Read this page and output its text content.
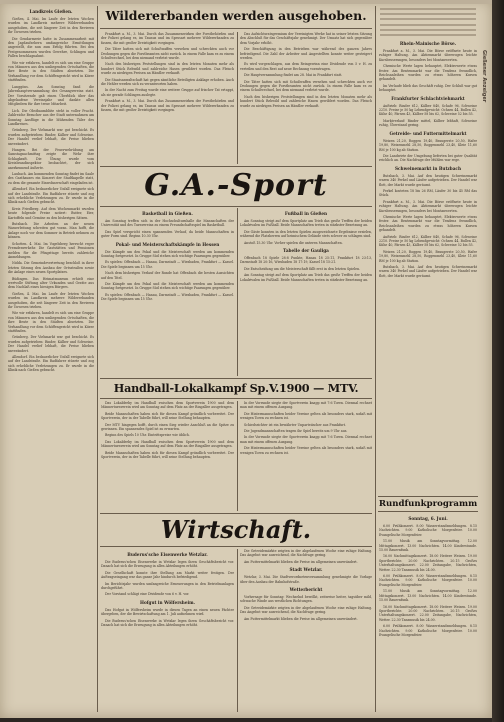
Landkreis Gießen.

Gießen, 4. Mai. Im Laufe der letzten Wochen wurden im Landkreis mehrere Wildererbanden ausgehoben, die seit längerer Zeit in den Revieren ihr Unwesen trieben.

Die Gendarmerie hatte in Zusammenarbeit mit den Jagdaufsehern umfangreiche Ermittlungen angestellt, die nun zum Erfolg führten. Bei den Festgenommenen wurden Gewehre, Schlingen und Fallen beschlagnahmt.

Wie wir erfahren, handelt es sich um eine Gruppe von Männern aus den umliegenden Ortschaften, die ihre Beute in den Städten absetzten. Die Verhandlung vor dem Schöffengericht wird in Kürze stattfinden.

Langgöns. Am Sonntag fand die Jahreshauptversammlung des Gesangvereins statt. Der Vorsitzende gab einen Überblick über das abgelaufene Vereinsjahr und dankte allen Mitgliedern für ihre treue Mitarbeit.

Lich. Die Obstbaumblüte steht in voller Pracht. Zahlreiche Besucher aus der Stadt unternahmen am Sonntag Ausflüge in die blühenden Täler des Landkreises.

Grünberg. Der Viehmarkt war gut beschickt. Es wurden aufgetrieben: Rinder, Kälber und Schweine. Der Handel verlief lebhaft, die Preise blieben unverändert.

Hungen. Bei der Feuerwehrübung am Samstagnachmittag zeigte die Wehr ihre Schlagkraft. Die Übung wurde vom Kreisbrandinspektor beobachtet, der sich anerkennend äußerte.

Laubach. Am kommenden Sonntag findet im Saale des Gasthauses ein Konzert der Stadtkapelle statt, zu dem die gesamte Einwohnerschaft eingeladen ist.

Allendorf. Ein bedauerlicher Unfall ereignete sich auf der Landstraße. Ein Radfahrer stürzte und zog sich erhebliche Verletzungen zu. Er wurde in die Klinik nach Gießen gebracht.

Kreis Friedberg. Auf dem Wochenmarkt wurden heute folgende Preise notiert: Butter, Eier, Kartoffeln und Gemüse zu den bisherigen Sätzen.

Butzbach. Die Arbeiten an der neuen Wasserleitung schreiten gut voran. Man hofft, die Anlage noch vor dem Sommer in Betrieb nehmen zu können.

Schotten. 4. Mai. Im Vogelsberg herrscht reger Fremdenverkehr. Die Gaststätten und Pensionen melden für die Pfingsttage bereits zahlreiche Anmeldungen.

Nidda. Die Gemeindevertretung beschloß in ihrer letzten Sitzung den Ausbau der Ortsstraßen sowie die Anlage eines neuen Sportplatzes.

Büdingen. Das Heimatmuseum erhielt eine wertvolle Stiftung alter Urkunden und Geräte aus dem Nachlaß eines hiesigen Bürgers.

Gießen, 4. Mai. Im Laufe der letzten Wochen wurden im Landkreis mehrere Wildererbanden ausgehoben, die seit längerer Zeit in den Revieren ihr Unwesen trieben.

Wie wir erfahren, handelt es sich um eine Gruppe von Männern aus den umliegenden Ortschaften, die ihre Beute in den Städten absetzten. Die Verhandlung vor dem Schöffengericht wird in Kürze stattfinden.

Grünberg. Der Viehmarkt war gut beschickt. Es wurden aufgetrieben: Rinder, Kälber und Schweine. Der Handel verlief lebhaft, die Preise blieben unverändert.

Allendorf. Ein bedauerlicher Unfall ereignete sich auf der Landstraße. Ein Radfahrer stürzte und zog sich erhebliche Verletzungen zu. Er wurde in die Klinik nach Gießen gebracht.

Wildererbanden werden ausgehoben.

Frankfurt a. M., 3. Mai. Durch das Zusammenwirken der Forstbehörden und der Polizei gelang es, im Taunus und im Spessart mehrere Wildererbanden zu fassen, die mit großer Dreistigkeit vorgingen.

Die Täter hatten sich mit Schußwaffen versehen und schreckten auch vor Drohungen gegen die Forstbeamten nicht zurück. In einem Falle kam es zu einem Schußwechsel, bei dem niemand verletzt wurde.

Nach den bisherigen Feststellungen sind in den letzten Monaten mehr als hundert Stück Rehwild und zahlreiche Hasen gewildert worden. Das Fleisch wurde zu niedrigen Preisen an Händler verkauft.

Die Staatsanwaltschaft hat gegen sämtliche Beteiligten Anklage erhoben. Auch die Hehler werden sich zu verantworten haben.

In der Nacht zum Freitag wurde eine weitere Gruppe auf frischer Tat ertappt, als sie gerade Schlingen auslegte.

Frankfurt a. M., 3. Mai. Durch das Zusammenwirken der Forstbehörden und der Polizei gelang es, im Taunus und im Spessart mehrere Wildererbanden zu fassen, die mit großer Dreistigkeit vorgingen.

Das Aufsichtsratsgremium der Vereinigten Werke hat in seiner letzten Sitzung den Abschluß für das Geschäftsjahr genehmigt. Der Umsatz hat sich gegenüber dem Vorjahr erhöht.

Die Beschäftigung in den Betrieben war während des ganzen Jahres befriedigend. Die Zahl der Arbeiter und Angestellten konnte weiter gesteigert werden.

Es wird vorgeschlagen, aus dem Reingewinn eine Dividende von 5 v. H. zu verteilen und den Rest auf neue Rechnung vorzutragen.

Die Hauptversammlung findet am 28. Mai in Frankfurt statt.

Die Täter hatten sich mit Schußwaffen versehen und schreckten auch vor Drohungen gegen die Forstbeamten nicht zurück. In einem Falle kam es zu einem Schußwechsel, bei dem niemand verletzt wurde.

Nach den bisherigen Feststellungen sind in den letzten Monaten mehr als hundert Stück Rehwild und zahlreiche Hasen gewildert worden. Das Fleisch wurde zu niedrigen Preisen an Händler verkauft.

G.A.-Sport
Basketball in Gießen.

Am Sonntag treffen sich in der Hochschulturnhalle die Mannschaften der Universität und des Turnvereins zu einem Freundschaftsspiel im Basketball.

Das Spiel verspricht einen spannenden Verlauf, da beide Mannschaften in guter Form sind. Beginn 10.30 Uhr.

Pokal- und Meisterschaftskämpfe in Hessen

Die Kämpfe um den Pokal und die Meisterschaft werden am kommenden Sonntag fortgesetzt. In Gruppe Süd stehen sich wichtige Paarungen gegenüber.

Es spielen: Offenbach — Hanau, Darmstadt — Wiesbaden, Frankfurt — Kassel. Die Spiele beginnen um 15 Uhr.

Nach dem bisherigen Verlauf der Runde hat Offenbach die besten Aussichten auf den Titel.

Die Kämpfe um den Pokal und die Meisterschaft werden am kommenden Sonntag fortgesetzt. In Gruppe Süd stehen sich wichtige Paarungen gegenüber.

Es spielen: Offenbach — Hanau, Darmstadt — Wiesbaden, Frankfurt — Kassel. Die Spiele beginnen um 15 Uhr.

Fußball in Gießen

Am Sonntag steigt auf dem Sportplatz am Trieb das große Treffen der beiden Lokalrivalen im Fußball. Beide Mannschaften treten in stärkster Besetzung an.

Die Gäste konnten in den letzten Spielen ausgezeichnete Ergebnisse erzielen, während die Platzherren auf heimischem Gelände stets schwer zu schlagen sind.

Anstoß 15.30 Uhr. Vorher spielen die unteren Mannschaften.

Tabelle der Gauliga

Offenbach 18 Spiele 28:8 Punkte, Hanau 18 25:11, Frankfurt 18 23:13, Darmstadt 18 20:16, Wiesbaden 18 17:19, Kassel 18 15:21.

Die Entscheidung um die Meisterschaft fällt erst in den letzten Spielen.

Am Sonntag steigt auf dem Sportplatz am Trieb das große Treffen der beiden Lokalrivalen im Fußball. Beide Mannschaften treten in stärkster Besetzung an.

Handball-Lokalkampf Sp.V.1900 — MTV.

Das Lokalderby im Handball zwischen dem Sportverein 1900 und dem Männerturnverein wird am Sonntag auf dem Platz an der Ringallee ausgetragen.

Beide Mannschaften haben sich für diesen Kampf gründlich vorbereitet. Der Sportverein, der in der Tabelle führt, will seine Stellung behaupten.

Der MTV hingegen hofft, durch einen Sieg wieder Anschluß an die Spitze zu gewinnen. Ein spannendes Spiel ist zu erwarten.

Beginn des Spiels 10 Uhr. Eintrittspreise wie üblich.

Das Lokalderby im Handball zwischen dem Sportverein 1900 und dem Männerturnverein wird am Sonntag auf dem Platz an der Ringallee ausgetragen.

Beide Mannschaften haben sich für diesen Kampf gründlich vorbereitet. Der Sportverein, der in der Tabelle führt, will seine Stellung behaupten.

In der Vorrunde siegte der Sportverein knapp mit 7:6 Toren. Diesmal rechnet man mit einem offenen Ausgang.

Die Hintermannschaften beider Vereine gelten als besonders stark, sodaß mit wenigen Toren zu rechnen ist.

Schiedsrichter ist ein bewährter Unparteiischer aus Frankfurt.

Die Jugendmannschaften tragen ihr Spiel bereits um 9 Uhr aus.

In der Vorrunde siegte der Sportverein knapp mit 7:6 Toren. Diesmal rechnet man mit einem offenen Ausgang.

Die Hintermannschaften beider Vereine gelten als besonders stark, sodaß mit wenigen Toren zu rechnen ist.

Wirtschaft.
Buderus'sche Eisenwerke Wetzlar.

Die Buderus'schen Eisenwerke in Wetzlar legen ihren Geschäftsbericht vor. Danach hat sich die Erzeugung in allen Abteilungen erhöht.

Die Gesellschaft konnte ihre Stellung am Markt weiter festigen. Der Auftragseingang war das ganze Jahr hindurch befriedigend.

Im Berichtsjahr wurden umfangreiche Erneuerungen in den Betriebsanlagen durchgeführt.

Der Vorstand schlägt eine Dividende von 6 v. H. vor.

Hofgut in Wölfersheim.

Das Hofgut in Wölfersheim wurde in diesen Tagen an einen neuen Pächter übergeben, der die Bewirtschaftung am 1. Juli aufnehmen wird.

Die Buderus'schen Eisenwerke in Wetzlar legen ihren Geschäftsbericht vor. Danach hat sich die Erzeugung in allen Abteilungen erhöht.

Die Getreidemärkte zeigten in der abgelaufenen Woche eine ruhige Haltung. Das Angebot war ausreichend, die Nachfrage gering.

Am Futtermittelmarkt blieben die Preise im allgemeinen unverändert.

Stadt Wetzlar.

Wetzlar, 3. Mai. Die Stadtverordnetenversammlung genehmigte die Vorlage über den Ausbau der Bahnhofstraße.

Wetterbericht

Vorhersage für Sonntag: Wechselnd bewölkt, zeitweise heiter, tagsüber mild, schwache Winde aus westlichen Richtungen.

Die Getreidemärkte zeigten in der abgelaufenen Woche eine ruhige Haltung. Das Angebot war ausreichend, die Nachfrage gering.

Am Futtermittelmarkt blieben die Preise im allgemeinen unverändert.

Rhein-Mainische Börse.

Frankfurt a. M., 3. Mai. Die Börse eröffnete heute in ruhiger Haltung. Am Aktienmarkt überwogen leichte Kursbesserungen, besonders bei Montanwerten.

Chemische Werte lagen behauptet, Elektrowerte etwas fester. Am Rentenmarkt war die Tendenz freundlich, Reichsanleihen wurden zu etwas höheren Kursen gehandelt.

Im Verlaufe blieb das Geschäft ruhig. Der Schluß war gut behauptet.

Frankfurter Schlachtviehmarkt

Auftrieb: Rinder 612, Kälber 840, Schafe 96, Schweine 2210. Preise je 50 kg Lebendgewicht: Ochsen 44, Bullen 42, Kühe 40, Färsen 43, Kälber 58 bis 62, Schweine 52 bis 55.

Marktverlauf: Rinder mittel, Kälber lebhaft, Schweine ruhig, Überstand gering.

Getreide- und Futtermittelmarkt

Weizen 21,20, Roggen 19,40, Braugerste 20,50, Hafer 19,80, Weizenmehl 28,50, Roggenmehl 23,40, Kleie 11,60 RM je 100 kg ab Station.

Die Landwirte der Umgebung lieferten bei guter Qualität reichlich an. Die Nachfrage der Mühlen war rege.

Schweinemarkt in Butzbach

Butzbach, 3. Mai. Auf den heutigen Schweinemarkt waren 340 Ferkel und Läufer aufgetrieben. Der Handel war flott, der Markt wurde geräumt.

Ferkel kosteten 18 bis 26 RM, Läufer 30 bis 45 RM das Stück.

Frankfurt a. M., 3. Mai. Die Börse eröffnete heute in ruhiger Haltung. Am Aktienmarkt überwogen leichte Kursbesserungen, besonders bei Montanwerten.

Chemische Werte lagen behauptet, Elektrowerte etwas fester. Am Rentenmarkt war die Tendenz freundlich, Reichsanleihen wurden zu etwas höheren Kursen gehandelt.

Auftrieb: Rinder 612, Kälber 840, Schafe 96, Schweine 2210. Preise je 50 kg Lebendgewicht: Ochsen 44, Bullen 42, Kühe 40, Färsen 43, Kälber 58 bis 62, Schweine 52 bis 55.

Weizen 21,20, Roggen 19,40, Braugerste 20,50, Hafer 19,80, Weizenmehl 28,50, Roggenmehl 23,40, Kleie 11,60 RM je 100 kg ab Station.

Butzbach, 3. Mai. Auf den heutigen Schweinemarkt waren 340 Ferkel und Läufer aufgetrieben. Der Handel war flott, der Markt wurde geräumt.

Rundfunkprogramm
Sonntag, 6. Juni.

6.00 Frühkonzert. 8.00 Wasserstandsmeldungen. 8.15 Nachrichten. 9.00 Katholische Morgenfeier. 10.00 Evangelische Morgenfeier.

11.00 Musik am Sonntagvormittag. 12.00 Mittagskonzert. 13.00 Nachrichten. 14.00 Kinderstunde. 15.00 Bauernfunk.

16.00 Nachmittagskonzert. 18.00 Heitere Weisen. 19.00 Sportberichte. 20.00 Nachrichten. 20.15 Großes Unterhaltungskonzert. 22.00 Zeitangabe, Nachrichten, Wetter. 22.30 Tanzmusik bis 24.00.

6.00 Frühkonzert. 8.00 Wasserstandsmeldungen. 8.15 Nachrichten. 9.00 Katholische Morgenfeier. 10.00 Evangelische Morgenfeier.

11.00 Musik am Sonntagvormittag. 12.00 Mittagskonzert. 13.00 Nachrichten. 14.00 Kinderstunde. 15.00 Bauernfunk.

16.00 Nachmittagskonzert. 18.00 Heitere Weisen. 19.00 Sportberichte. 20.00 Nachrichten. 20.15 Großes Unterhaltungskonzert. 22.00 Zeitangabe, Nachrichten, Wetter. 22.30 Tanzmusik bis 24.00.

6.00 Frühkonzert. 8.00 Wasserstandsmeldungen. 8.15 Nachrichten. 9.00 Katholische Morgenfeier. 10.00 Evangelische Morgenfeier.

Gießener Anzeiger
